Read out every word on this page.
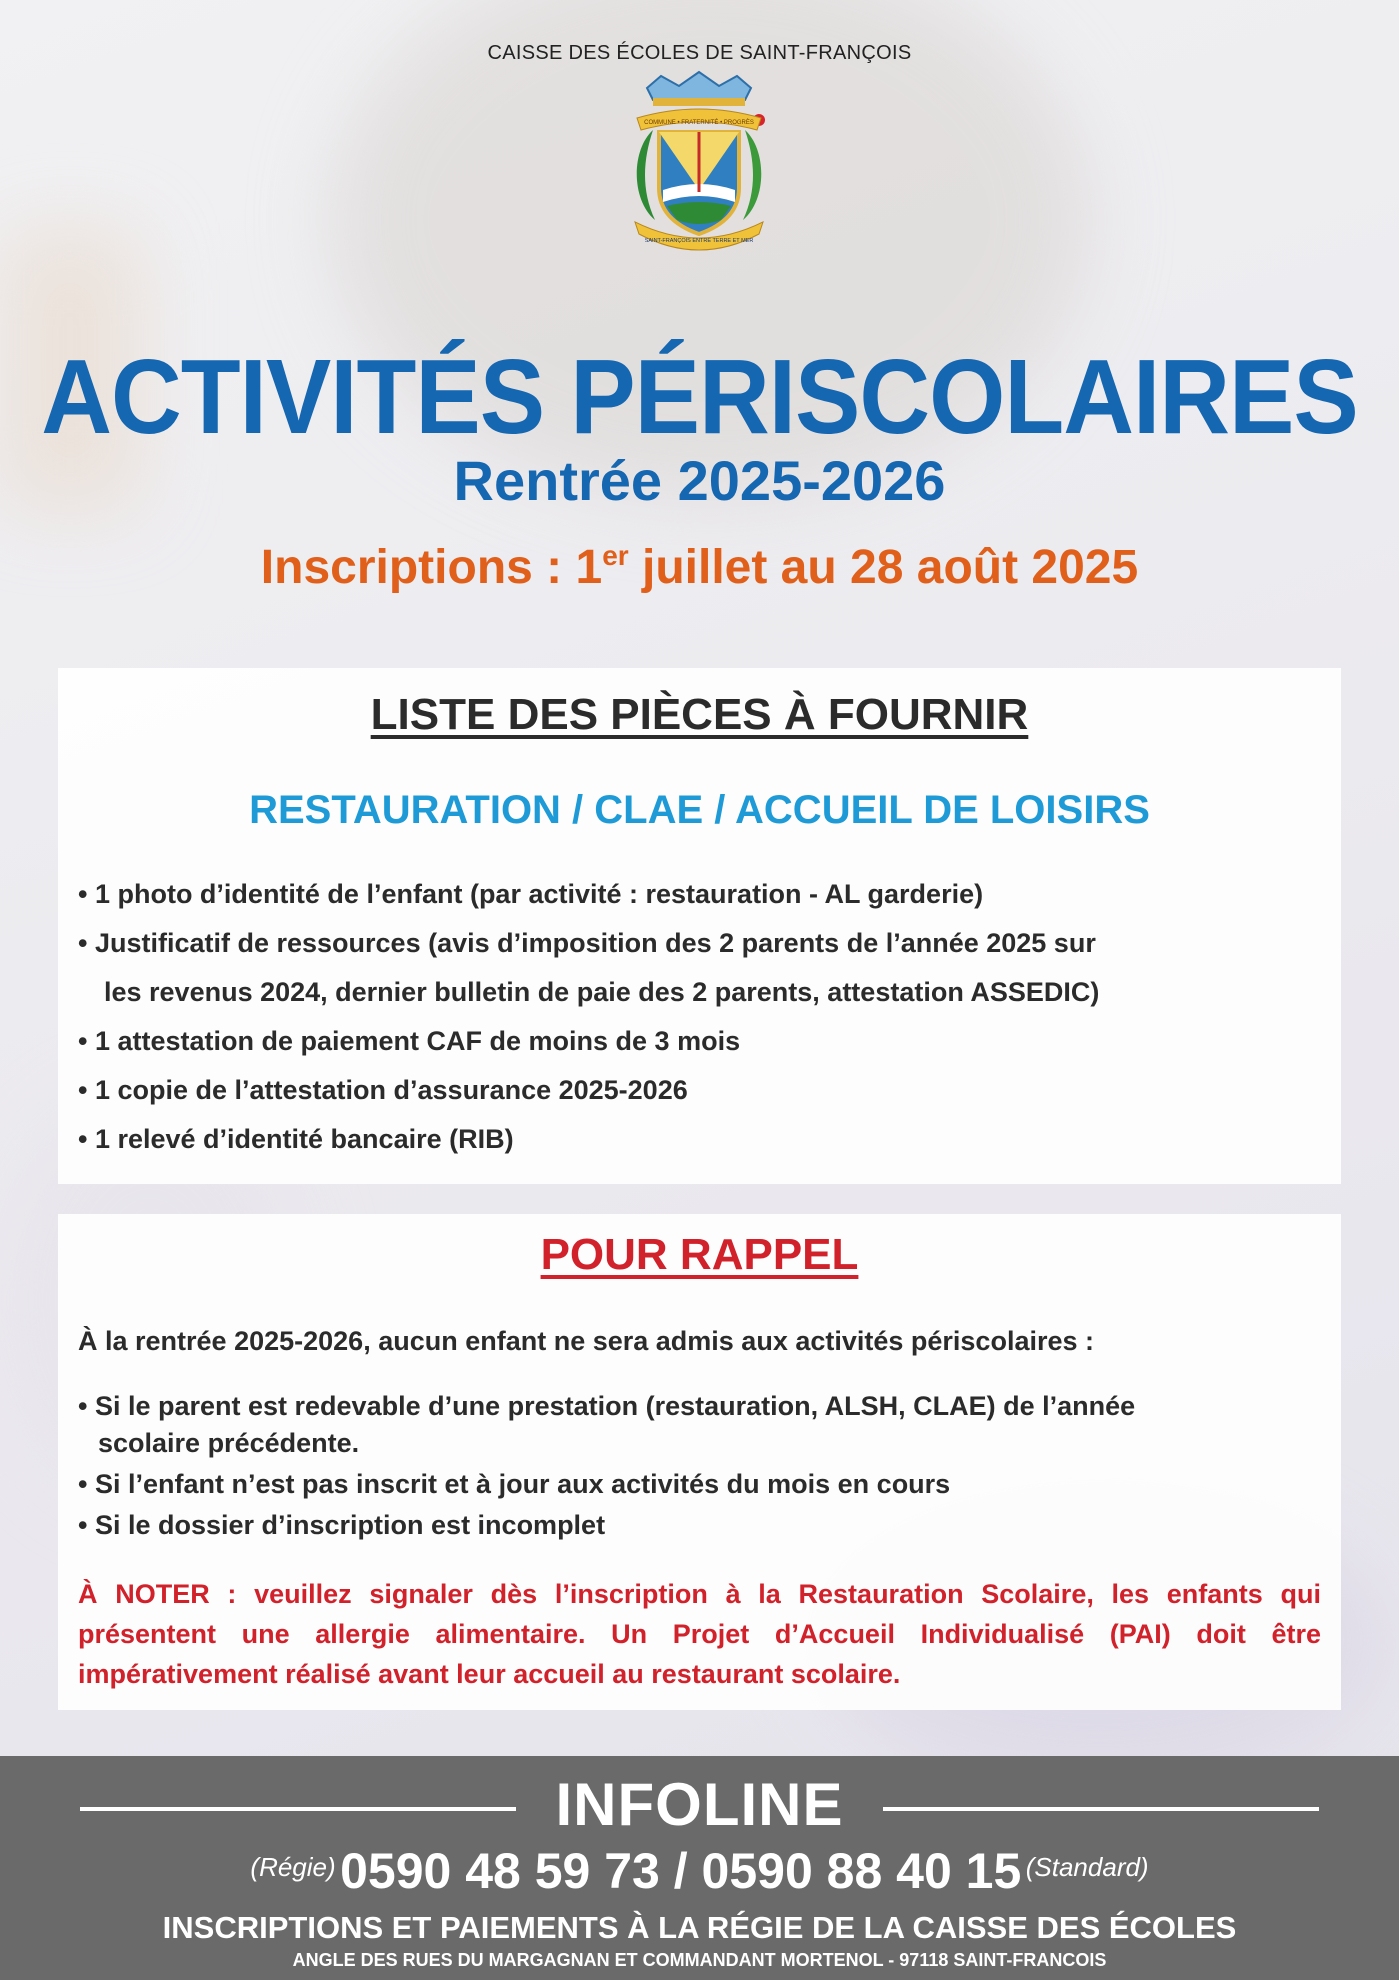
CAISSE DES ÉCOLES DE SAINT-FRANÇOIS
COMMUNE • FRATERNITÉ • PROGRÈS
SAINT-FRANÇOIS ENTRE TERRE ET MER
ACTIVITÉS PÉRISCOLAIRES
Rentrée 2025-2026
Inscriptions : 1er juillet au 28 août 2025
LISTE DES PIÈCES À FOURNIR
RESTAURATION / CLAE / ACCUEIL DE LOISIRS
• 1 photo d’identité de l’enfant (par activité : restauration - AL garderie)
• Justificatif de ressources (avis d’imposition des 2 parents de l’année 2025 sur
les revenus 2024, dernier bulletin de paie des 2 parents, attestation ASSEDIC)
• 1 attestation de paiement CAF de moins de 3 mois
• 1 copie de l’attestation d’assurance 2025-2026
• 1 relevé d’identité bancaire (RIB)
POUR RAPPEL
À la rentrée 2025-2026, aucun enfant ne sera admis aux activités périscolaires :
• Si le parent est redevable d’une prestation (restauration, ALSH, CLAE) de l’année
scolaire précédente.
• Si l’enfant n’est pas inscrit et à jour aux activités du mois en cours
• Si le dossier d’inscription est incomplet
À NOTER : veuillez signaler dès l’inscription à la Restauration Scolaire, les enfants qui présentent une allergie alimentaire. Un Projet d’Accueil Individualisé (PAI) doit être impérativement réalisé avant leur accueil au restaurant scolaire.
INFOLINE
(Régie) 0590 48 59 73 / 0590 88 40 15 (Standard)
INSCRIPTIONS ET PAIEMENTS À LA RÉGIE DE LA CAISSE DES ÉCOLES
ANGLE DES RUES DU MARGAGNAN ET COMMANDANT MORTENOL - 97118 SAINT-FRANCOIS
